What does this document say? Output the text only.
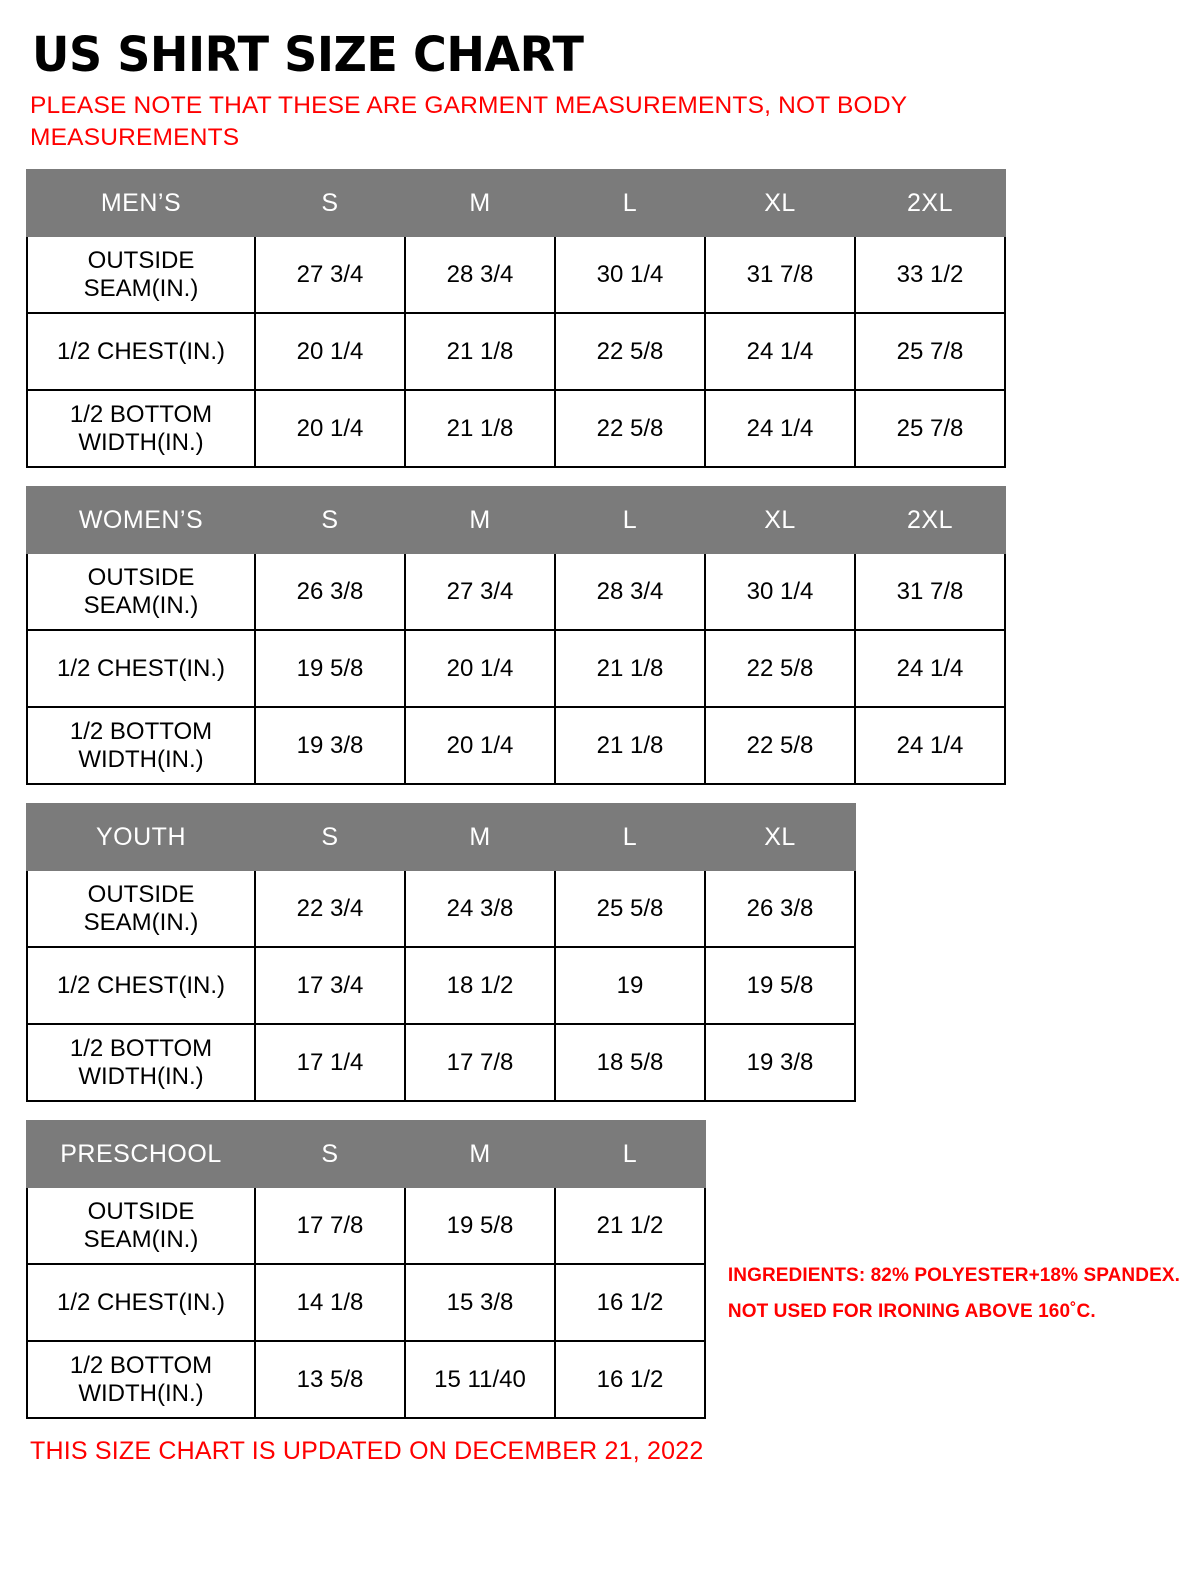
US SHIRT SIZE CHART
PLEASE NOTE THAT THESE ARE GARMENT MEASUREMENTS, NOT BODY MEASUREMENTS
MEN’S	S	M	L	XL	2XL

OUTSIDE
SEAM(IN.)	27 3/4	28 3/4	30 1/4	31 7/8	33 1/2

1/2 CHEST(IN.)	20 1/4	21 1/8	22 5/8	24 1/4	25 7/8

1/2 BOTTOM
WIDTH(IN.)	20 1/4	21 1/8	22 5/8	24 1/4	25 7/8
WOMEN’S	S	M	L	XL	2XL

OUTSIDE
SEAM(IN.)	26 3/8	27 3/4	28 3/4	30 1/4	31 7/8

1/2 CHEST(IN.)	19 5/8	20 1/4	21 1/8	22 5/8	24 1/4

1/2 BOTTOM
WIDTH(IN.)	19 3/8	20 1/4	21 1/8	22 5/8	24 1/4
YOUTH	S	M	L	XL

OUTSIDE
SEAM(IN.)	22 3/4	24 3/8	25 5/8	26 3/8

1/2 CHEST(IN.)	17 3/4	18 1/2	19	19 5/8

1/2 BOTTOM
WIDTH(IN.)	17 1/4	17 7/8	18 5/8	19 3/8
PRESCHOOL	S	M	L

OUTSIDE
SEAM(IN.)	17 7/8	19 5/8	21 1/2

1/2 CHEST(IN.)	14 1/8	15 3/8	16 1/2

1/2 BOTTOM
WIDTH(IN.)	13 5/8	15 11/40	16 1/2
INGREDIENTS: 82% POLYESTER+18% SPANDEX.
NOT USED FOR IRONING ABOVE 160˚C.
THIS SIZE CHART IS UPDATED ON DECEMBER 21, 2022
